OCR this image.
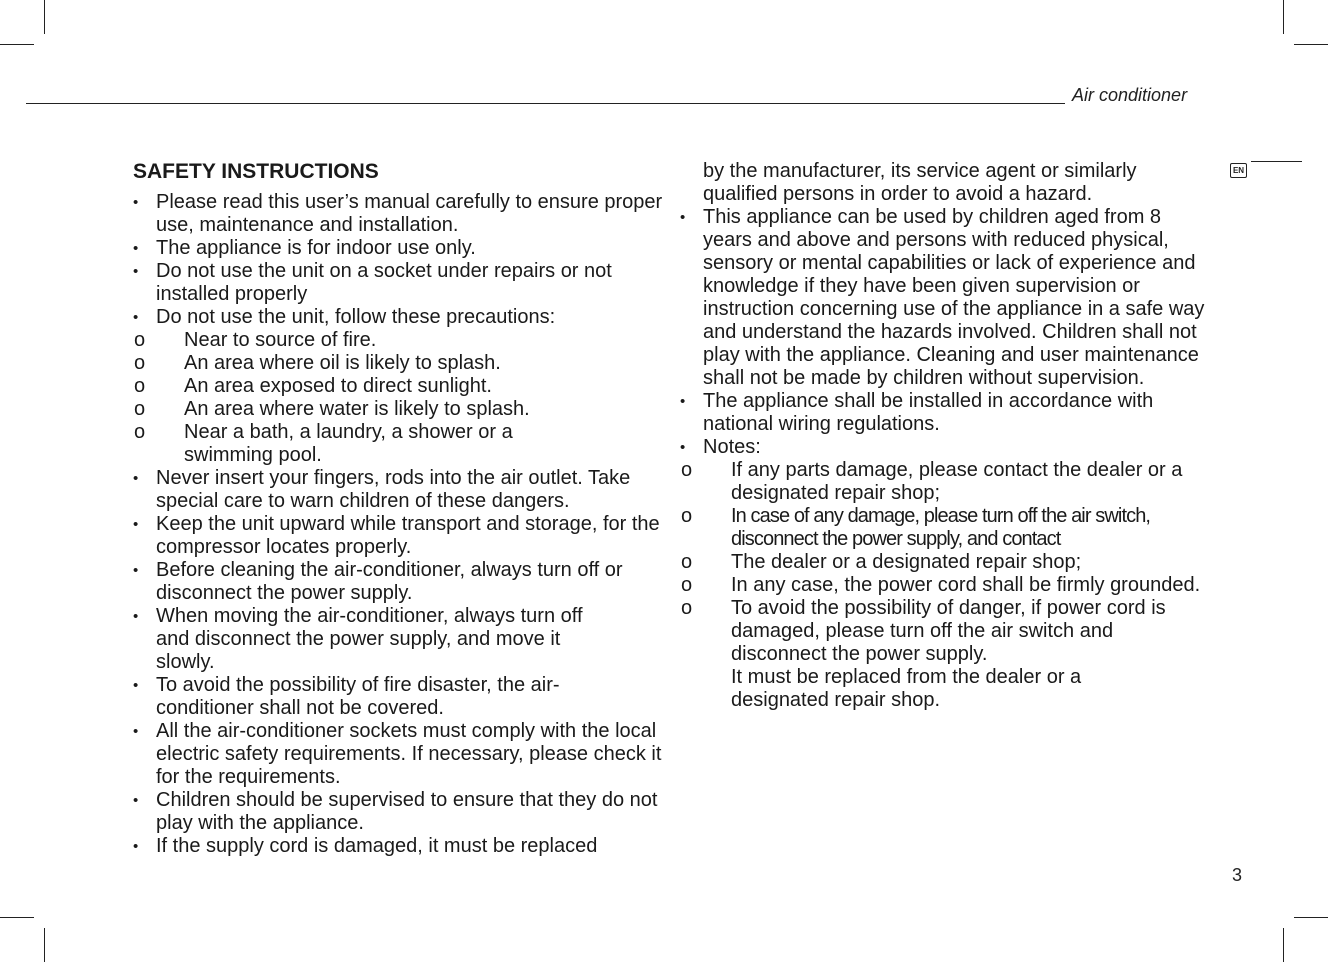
Air conditioner
EN
SAFETY INSTRUCTIONS
• Please read this user’s manual carefully to ensure proper use, maintenance and installation.
• The appliance is for indoor use only.
• Do not use the unit on a socket under repairs or not installed properly
• Do not use the unit, follow these precautions:
o Near to source of fire.
o An area where oil is likely to splash.
o An area exposed to direct sunlight.
o An area where water is likely to splash.
o Near a bath, a laundry, a shower or a swimming pool.
• Never insert your fingers, rods into the air outlet. Take special care to warn children of these dangers.
• Keep the unit upward while transport and storage, for the compressor locates properly.
• Before cleaning the air-conditioner, always turn off or disconnect the power supply.
• When moving the air-conditioner, always turn off and disconnect the power supply, and move it slowly.
• To avoid the possibility of fire disaster, the air-conditioner shall not be covered.
• All the air-conditioner sockets must comply with the local electric safety requirements. If necessary, please check it for the requirements.
• Children should be supervised to ensure that they do not play with the appliance.
• If the supply cord is damaged, it must be replaced
by the manufacturer, its service agent or similarly qualified persons in order to avoid a hazard.
• This appliance can be used by children aged from 8 years and above and persons with reduced physical, sensory or mental capabilities or lack of experience and knowledge if they have been given supervision or instruction concerning use of the appliance in a safe way and understand the hazards involved. Children shall not play with the appliance. Cleaning and user maintenance shall not be made by children without supervision.
• The appliance shall be installed in accordance with national wiring regulations.
• Notes:
o If any parts damage, please contact the dealer or a designated repair shop;
o In case of any damage, please turn off the air switch, disconnect the power supply, and contact
o The dealer or a designated repair shop;
o In any case, the power cord shall be firmly grounded.
o To avoid the possibility of danger, if power cord is damaged, please turn off the air switch and disconnect the power supply.
It must be replaced from the dealer or a designated repair shop.
3
